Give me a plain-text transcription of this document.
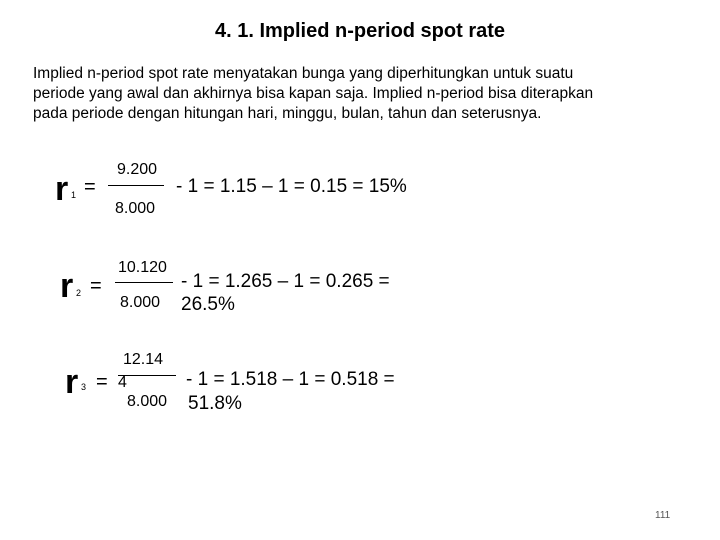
4. 1. Implied n-period spot rate
Implied n-period spot rate menyatakan bunga yang diperhitungkan untuk suatu
periode yang awal dan akhirnya bisa kapan saja. Implied n-period bisa diterapkan
pada periode dengan hitungan hari, minggu, bulan, tahun dan seterusnya.
r 1 =
9.200
8.000
- 1 = 1.15 – 1 = 0.15 = 15%
r 2 =
10.120
8.000
- 1 = 1.265 – 1 = 0.265 =
26.5%
r 3 =
12.14
4
8.000
- 1 = 1.518 – 1 = 0.518 =
51.8%
111
